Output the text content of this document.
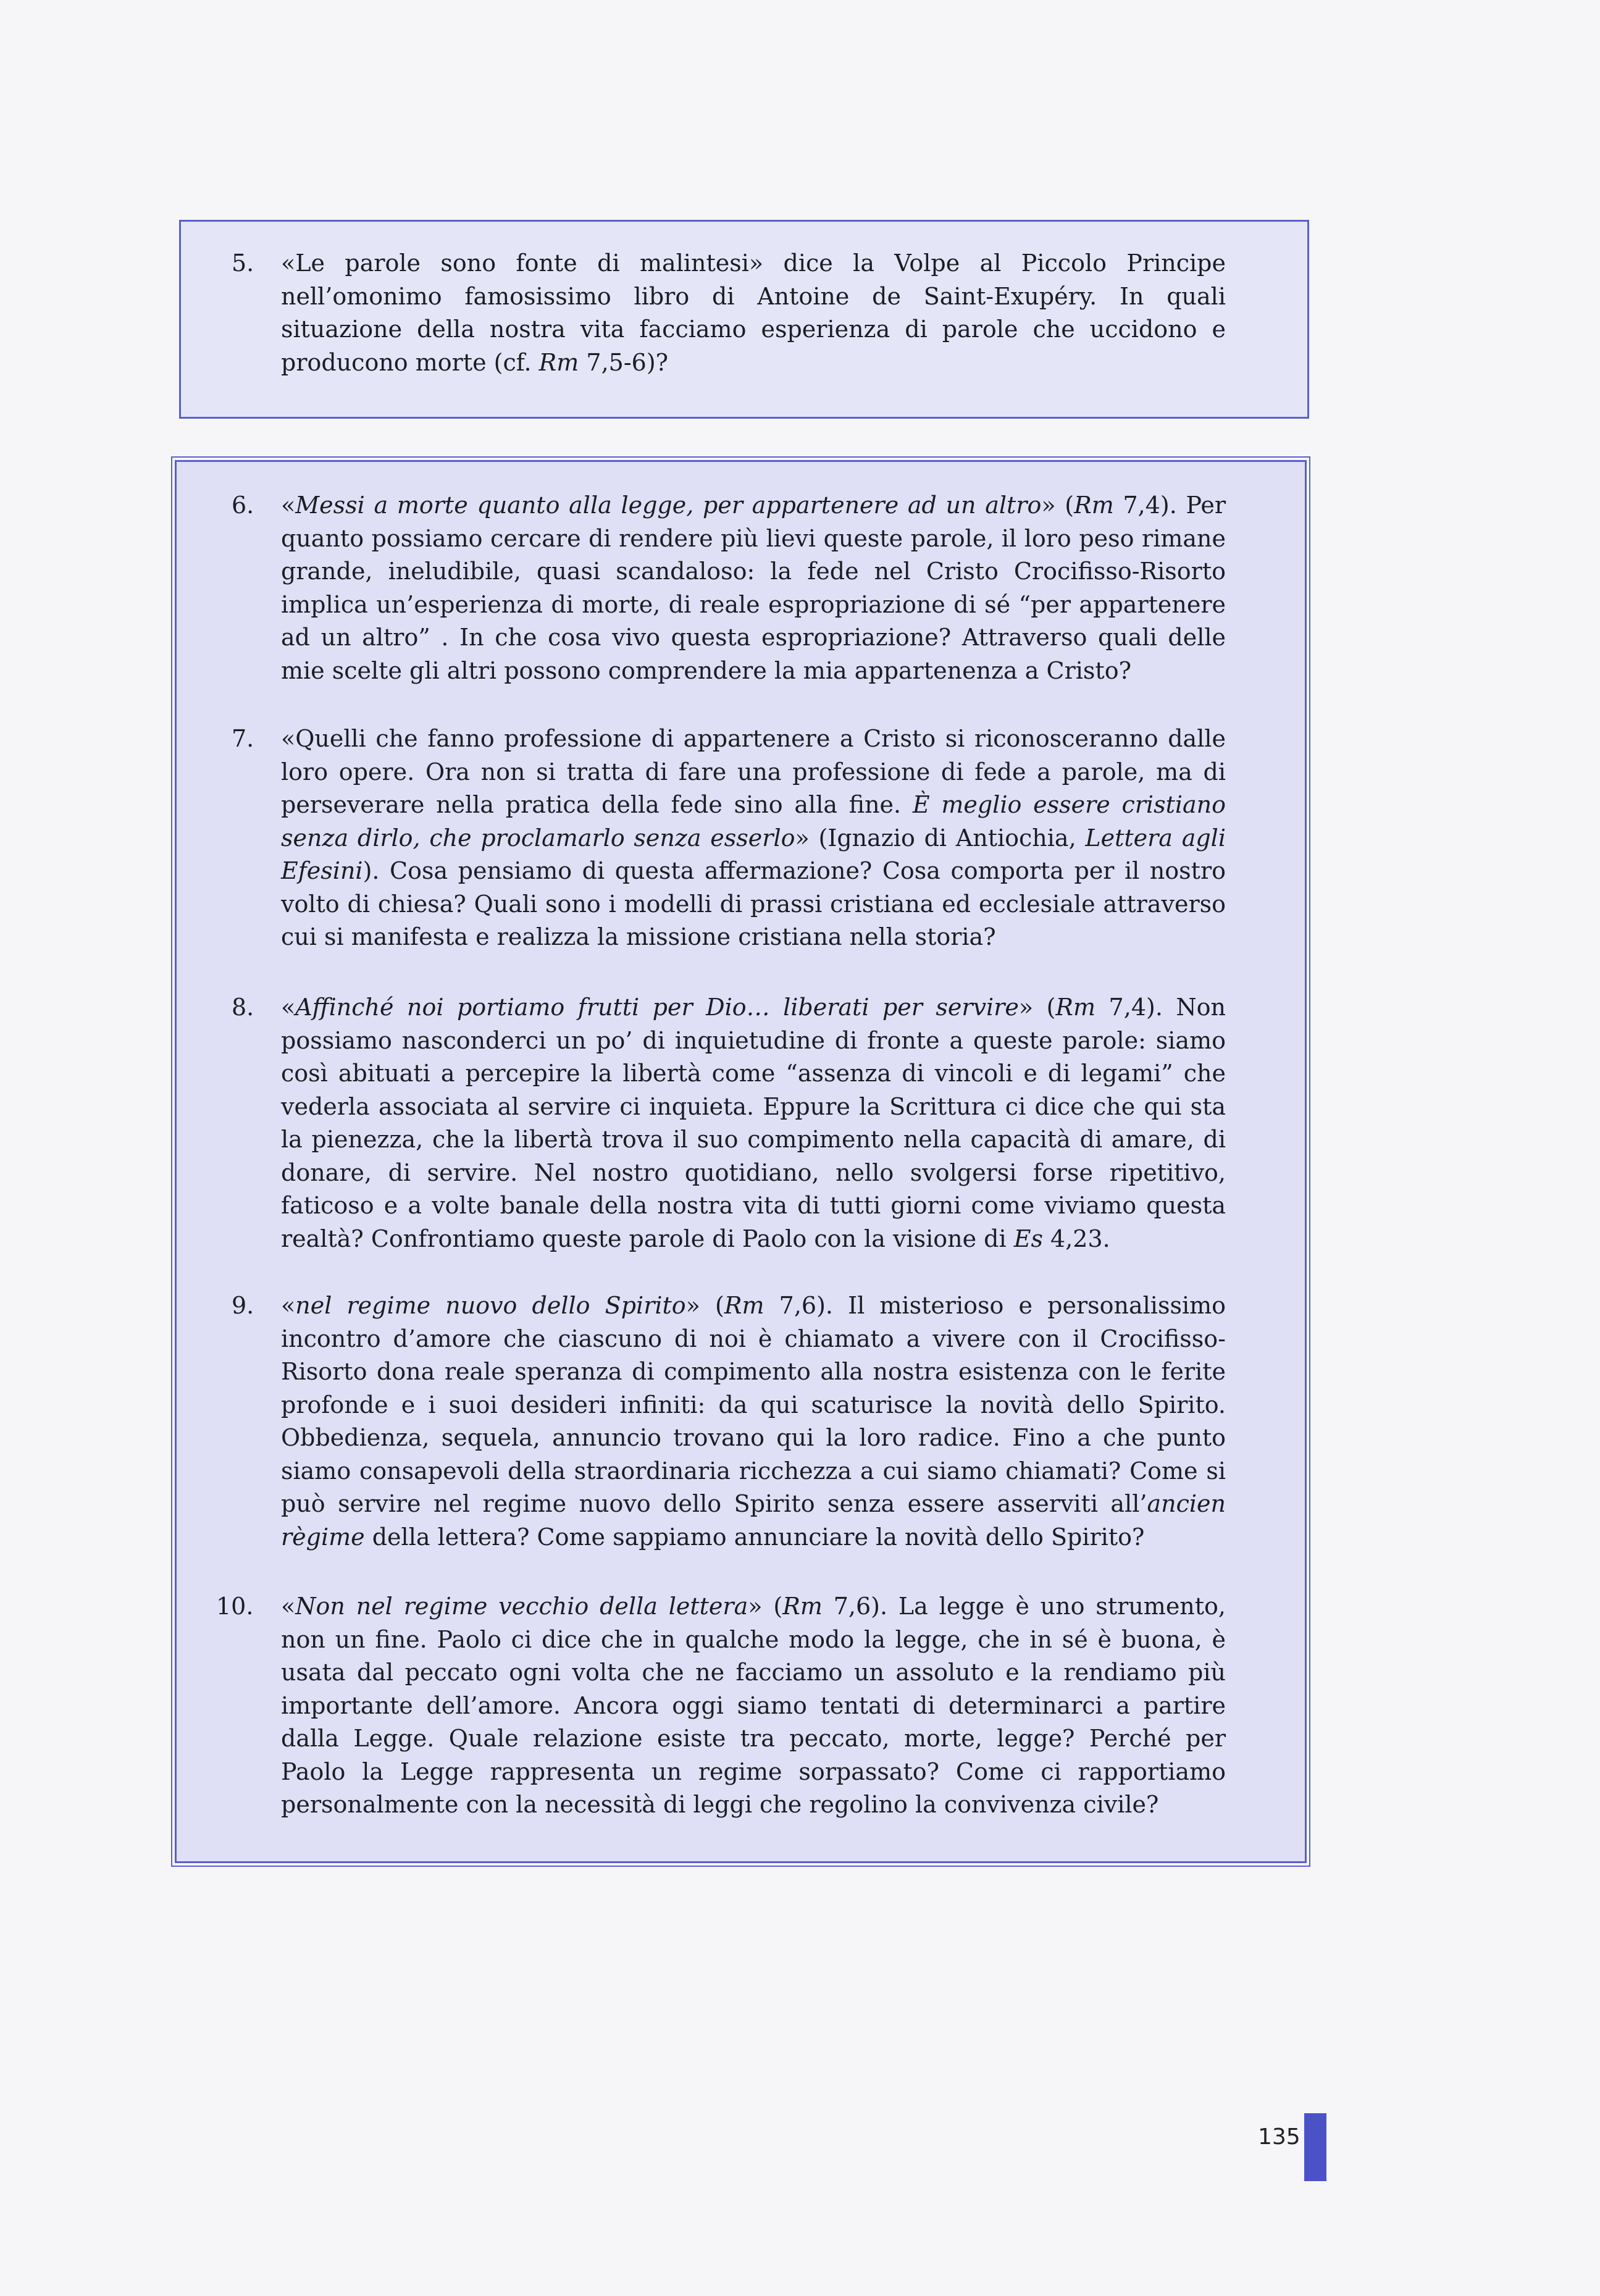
5.	«Le parole sono fonte di malintesi» dice la Volpe al Piccolo Principe nell’omonimo famosissimo libro di Antoine de Saint-Exupéry. In quali situazione della nostra vita facciamo esperienza di parole che uccidono e producono morte (cf. Rm 7,5-6)?

6.	«Messi a morte quanto alla legge, per appartenere ad un altro» (Rm 7,4). Per quanto possiamo cercare di rendere più lievi queste parole, il loro peso rimane grande, ineludibile, quasi scandaloso: la fede nel Cristo Crocifisso-Risorto implica un’esperienza di morte, di reale espropriazione di sé “per appartenere ad un altro” . In che cosa vivo questa espropriazione? Attraverso quali delle mie scelte gli altri possono comprendere la mia appartenenza a Cristo?

7.	«Quelli che fanno professione di appartenere a Cristo si riconosceranno dalle loro opere. Ora non si tratta di fare una professione di fede a parole, ma di perseverare nella pratica della fede sino alla fine. È meglio essere cristiano senza dirlo, che proclamarlo senza esserlo» (Ignazio di Antiochia, Lettera agli Efesini). Cosa pensiamo di questa affermazione? Cosa comporta per il nostro volto di chiesa? Quali sono i modelli di prassi cristiana ed ecclesiale attraverso cui si manifesta e realizza la missione cristiana nella storia?

8.	«Affinché noi portiamo frutti per Dio… liberati per servire» (Rm 7,4). Non possiamo nasconderci un po’ di inquietudine di fronte a queste parole: siamo così abituati a percepire la libertà come “assenza di vincoli e di legami” che vederla associata al servire ci inquieta. Eppure la Scrittura ci dice che qui sta la pienezza, che la libertà trova il suo compimento nella capacità di amare, di donare, di servire. Nel nostro quotidiano, nello svolgersi forse ripetitivo, faticoso e a volte banale della nostra vita di tutti giorni come viviamo questa realtà? Confrontiamo queste parole di Paolo con la visione di Es 4,23.

9.	«nel regime nuovo dello Spirito» (Rm 7,6). Il misterioso e personalissimo incontro d’amore che ciascuno di noi è chiamato a vivere con il Crocifisso-Risorto dona reale speranza di compimento alla nostra esistenza con le ferite profonde e i suoi desideri infiniti: da qui scaturisce la novità dello Spirito. Obbedienza, sequela, annuncio trovano qui la loro radice. Fino a che punto siamo consapevoli della straordinaria ricchezza a cui siamo chiamati? Come si può servire nel regime nuovo dello Spirito senza essere asserviti all’ancien règime della lettera? Come sappiamo annunciare la novità dello Spirito?

10. «Non nel regime vecchio della lettera» (Rm 7,6). La legge è uno strumento, non un fine. Paolo ci dice che in qualche modo la legge, che in sé è buona, è usata dal peccato ogni volta che ne facciamo un assoluto e la rendiamo più importante dell’amore. Ancora oggi siamo tentati di determinarci a partire dalla Legge. Quale relazione esiste tra peccato, morte, legge? Perché per Paolo la Legge rappresenta un regime sorpassato? Come ci rapportiamo personalmente con la necessità di leggi che regolino la convivenza civile?

135
